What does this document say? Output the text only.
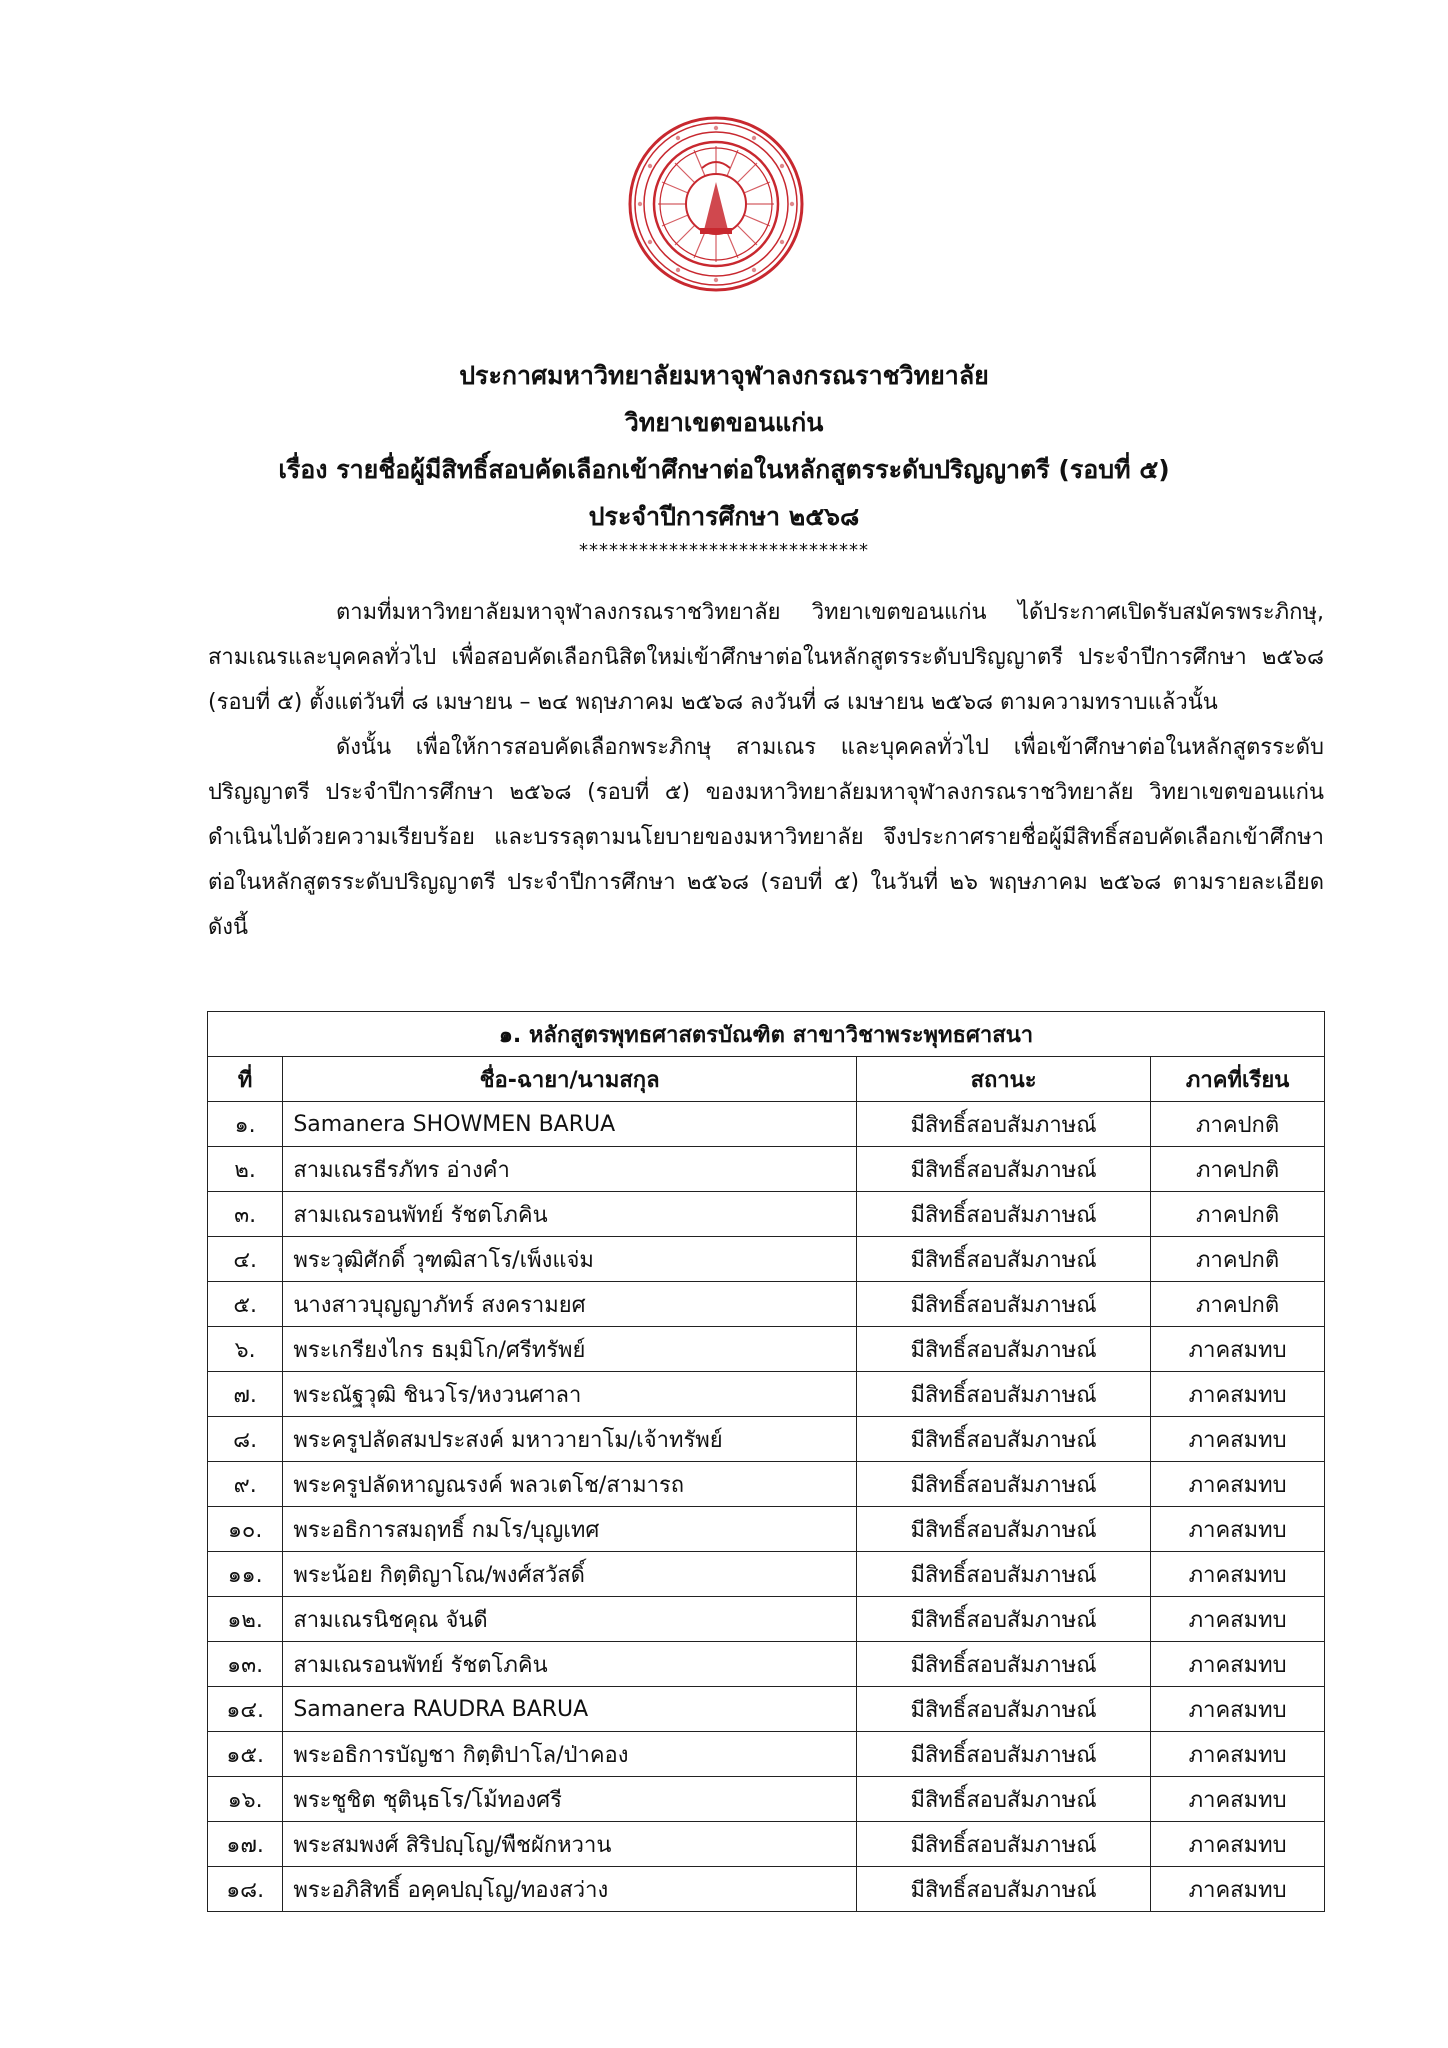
ประกาศมหาวิทยาลัยมหาจุฬาลงกรณราชวิทยาลัย
วิทยาเขตขอนแก่น
เรื่อง รายชื่อผู้มีสิทธิ์สอบคัดเลือกเข้าศึกษาต่อในหลักสูตรระดับปริญญาตรี (รอบที่ ๕)
ประจำปีการศึกษา ๒๕๖๘
*****************************

ตามที่มหาวิทยาลัยมหาจุฬาลงกรณราชวิทยาลัย วิทยาเขตขอนแก่น ได้ประกาศเปิดรับสมัครพระภิกษุ, สามเณรและบุคคลทั่วไป เพื่อสอบคัดเลือกนิสิตใหม่เข้าศึกษาต่อในหลักสูตรระดับปริญญาตรี ประจำปีการศึกษา ๒๕๖๘ (รอบที่ ๕) ตั้งแต่วันที่ ๘ เมษายน – ๒๔ พฤษภาคม ๒๕๖๘ ลงวันที่ ๘ เมษายน ๒๕๖๘ ตามความทราบแล้วนั้น

ดังนั้น เพื่อให้การสอบคัดเลือกพระภิกษุ สามเณร และบุคคลทั่วไป เพื่อเข้าศึกษาต่อในหลักสูตรระดับปริญญาตรี ประจำปีการศึกษา ๒๕๖๘ (รอบที่ ๕) ของมหาวิทยาลัยมหาจุฬาลงกรณราชวิทยาลัย วิทยาเขตขอนแก่น ดำเนินไปด้วยความเรียบร้อย และบรรลุตามนโยบายของมหาวิทยาลัย จึงประกาศรายชื่อผู้มีสิทธิ์สอบคัดเลือกเข้าศึกษาต่อในหลักสูตรระดับปริญญาตรี ประจำปีการศึกษา ๒๕๖๘ (รอบที่ ๕) ในวันที่ ๒๖ พฤษภาคม ๒๕๖๘ ตามรายละเอียด ดังนี้

๑. หลักสูตรพุทธศาสตรบัณฑิต สาขาวิชาพระพุทธศาสนา			
ที่	ชื่อ-ฉายา/นามสกุล	สถานะ	ภาคที่เรียน
๑.	Samanera SHOWMEN BARUA	มีสิทธิ์สอบสัมภาษณ์	ภาคปกติ
๒.	สามเณรธีรภัทร อ่างคำ	มีสิทธิ์สอบสัมภาษณ์	ภาคปกติ
๓.	สามเณรอนพัทย์ รัชตโภคิน	มีสิทธิ์สอบสัมภาษณ์	ภาคปกติ
๔.	พระวุฒิศักดิ์ วุฑฒิสาโร/เพ็งแจ่ม	มีสิทธิ์สอบสัมภาษณ์	ภาคปกติ
๕.	นางสาวบุญญาภัทร์ สงครามยศ	มีสิทธิ์สอบสัมภาษณ์	ภาคปกติ
๖.	พระเกรียงไกร ธมฺมิโก/ศรีทรัพย์	มีสิทธิ์สอบสัมภาษณ์	ภาคสมทบ
๗.	พระณัฐวุฒิ ชินวโร/หงวนศาลา	มีสิทธิ์สอบสัมภาษณ์	ภาคสมทบ
๘.	พระครูปลัดสมประสงค์ มหาวายาโม/เจ้าทรัพย์	มีสิทธิ์สอบสัมภาษณ์	ภาคสมทบ
๙.	พระครูปลัดหาญณรงค์ พลวเตโช/สามารถ	มีสิทธิ์สอบสัมภาษณ์	ภาคสมทบ
๑๐.	พระอธิการสมฤทธิ์ กมโร/บุญเทศ	มีสิทธิ์สอบสัมภาษณ์	ภาคสมทบ
๑๑.	พระน้อย กิตฺติญาโณ/พงศ์สวัสดิ์	มีสิทธิ์สอบสัมภาษณ์	ภาคสมทบ
๑๒.	สามเณรนิชคุณ จันดี	มีสิทธิ์สอบสัมภาษณ์	ภาคสมทบ
๑๓.	สามเณรอนพัทย์ รัชตโภคิน	มีสิทธิ์สอบสัมภาษณ์	ภาคสมทบ
๑๔.	Samanera RAUDRA BARUA	มีสิทธิ์สอบสัมภาษณ์	ภาคสมทบ
๑๕.	พระอธิการบัญชา กิตฺติปาโล/ป่าคอง	มีสิทธิ์สอบสัมภาษณ์	ภาคสมทบ
๑๖.	พระชูชิต ชุตินฺธโร/โม้ทองศรี	มีสิทธิ์สอบสัมภาษณ์	ภาคสมทบ
๑๗.	พระสมพงศ์ สิริปญฺโญ/พืชผักหวาน	มีสิทธิ์สอบสัมภาษณ์	ภาคสมทบ
๑๘.	พระอภิสิทธิ์ อคฺคปญฺโญ/ทองสว่าง	มีสิทธิ์สอบสัมภาษณ์	ภาคสมทบ
